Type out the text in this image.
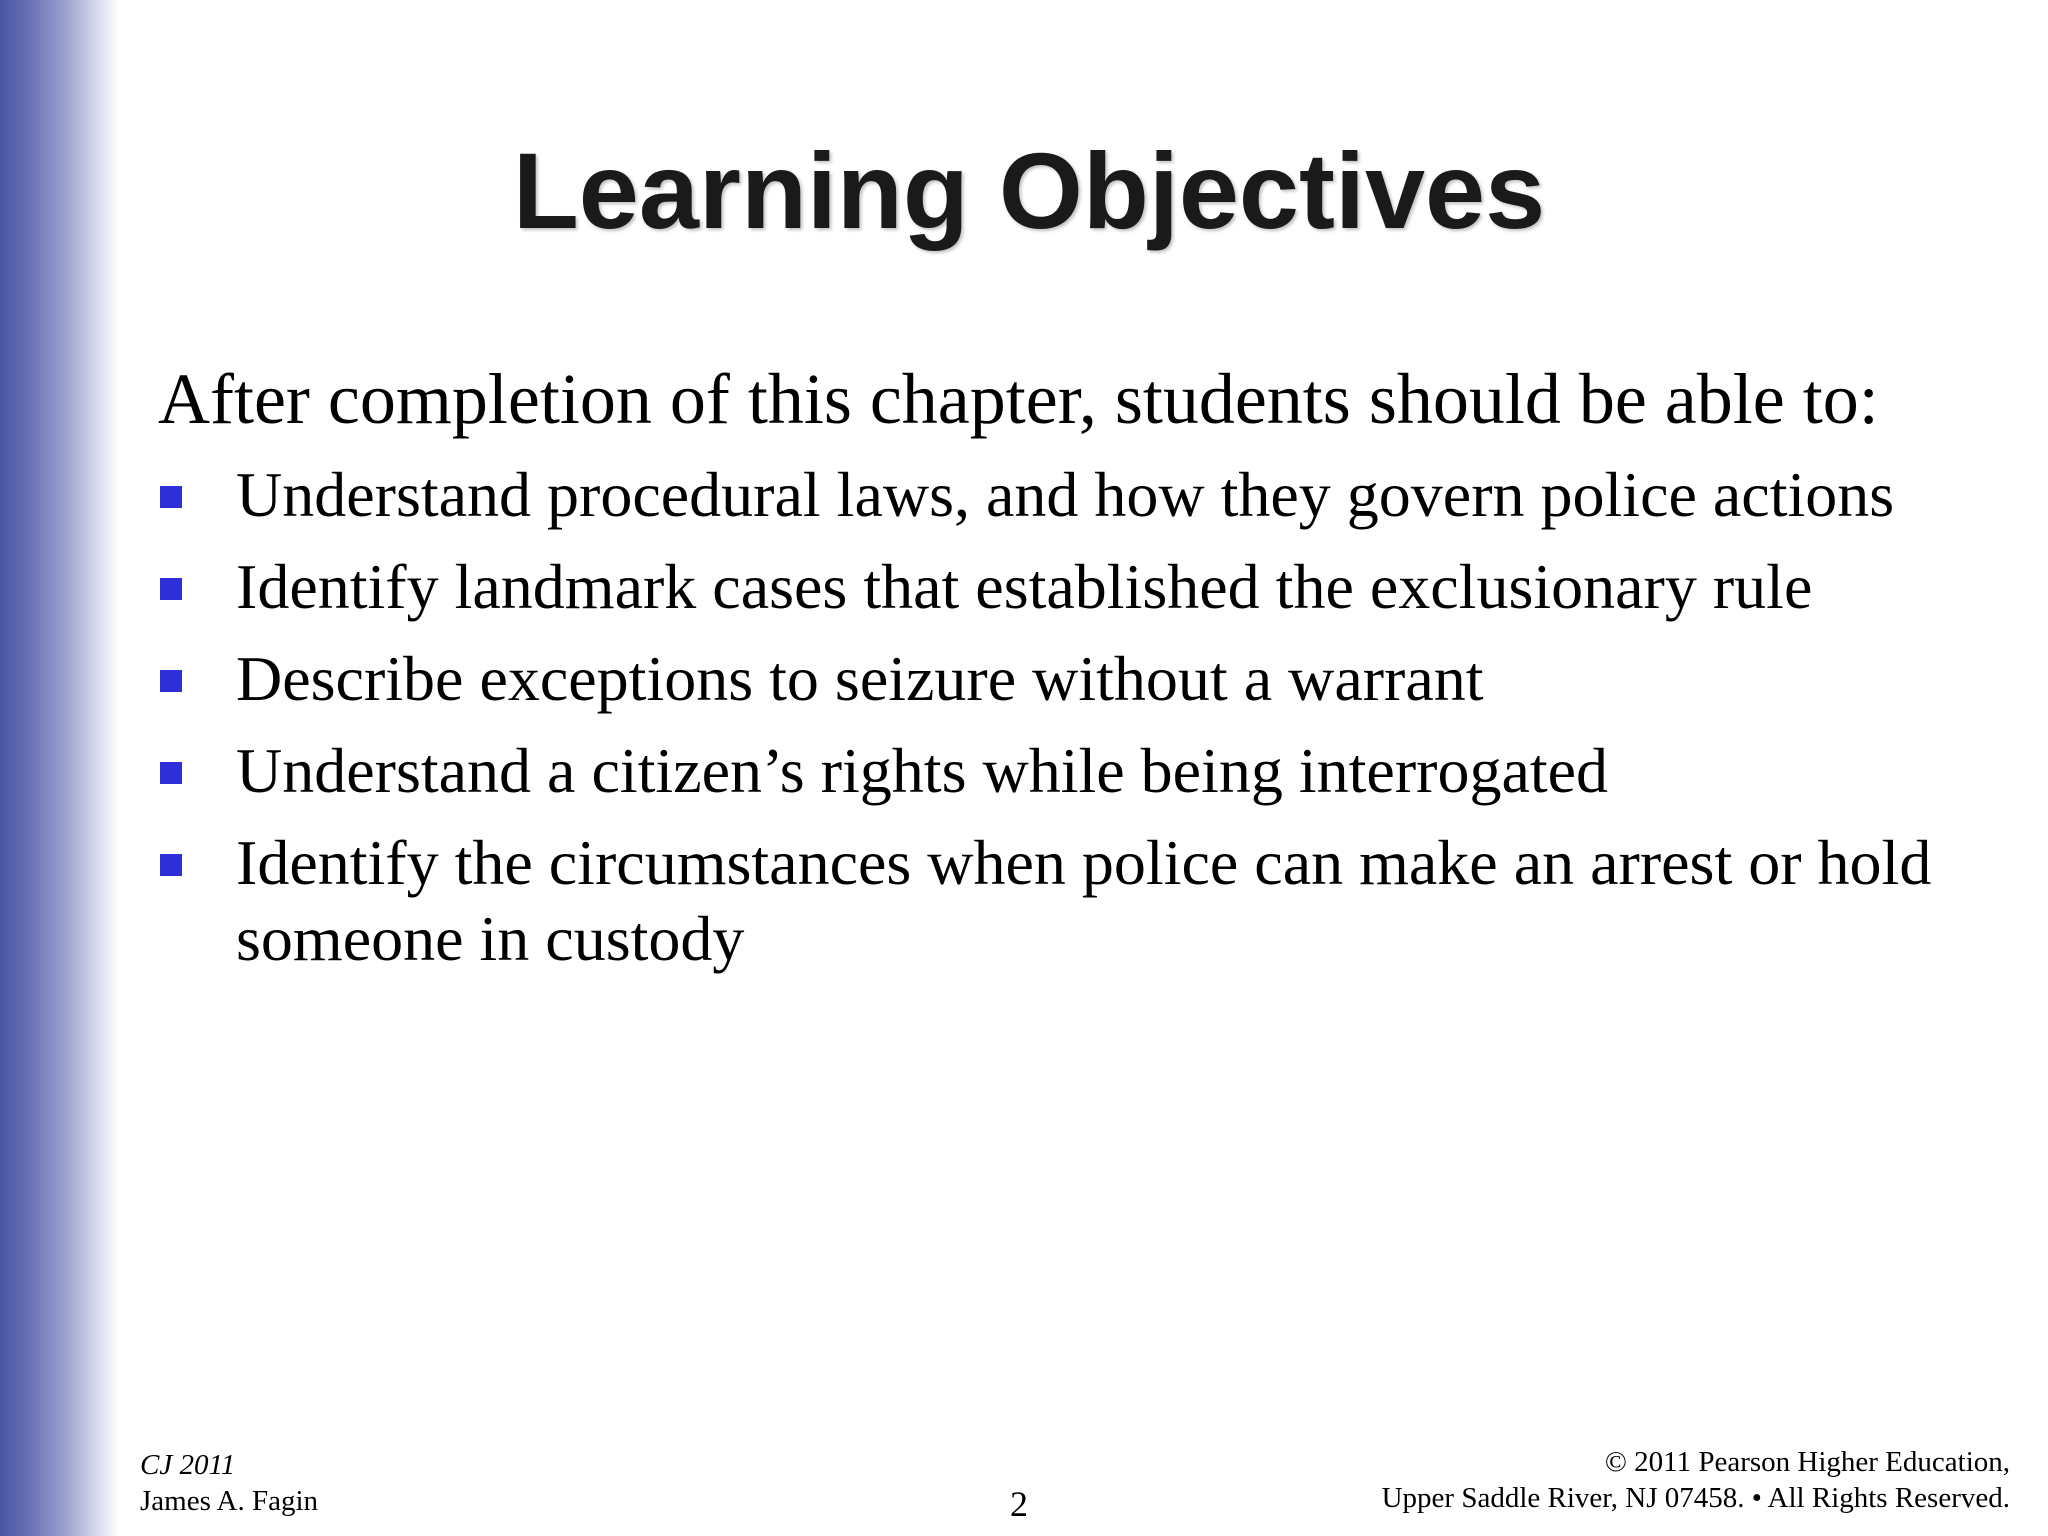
Learning Objectives

After completion of this chapter, students should be able to:

Understand procedural laws, and how they govern police actions
Identify landmark cases that established the exclusionary rule
Describe exceptions to seizure without a warrant
Understand a citizen’s rights while being interrogated
Identify the circumstances when police can make an arrest or hold someone in custody
CJ 2011
James A. Fagin	2
© 2011 Pearson Higher Education,
Upper Saddle River, NJ 07458. • All Rights Reserved.
